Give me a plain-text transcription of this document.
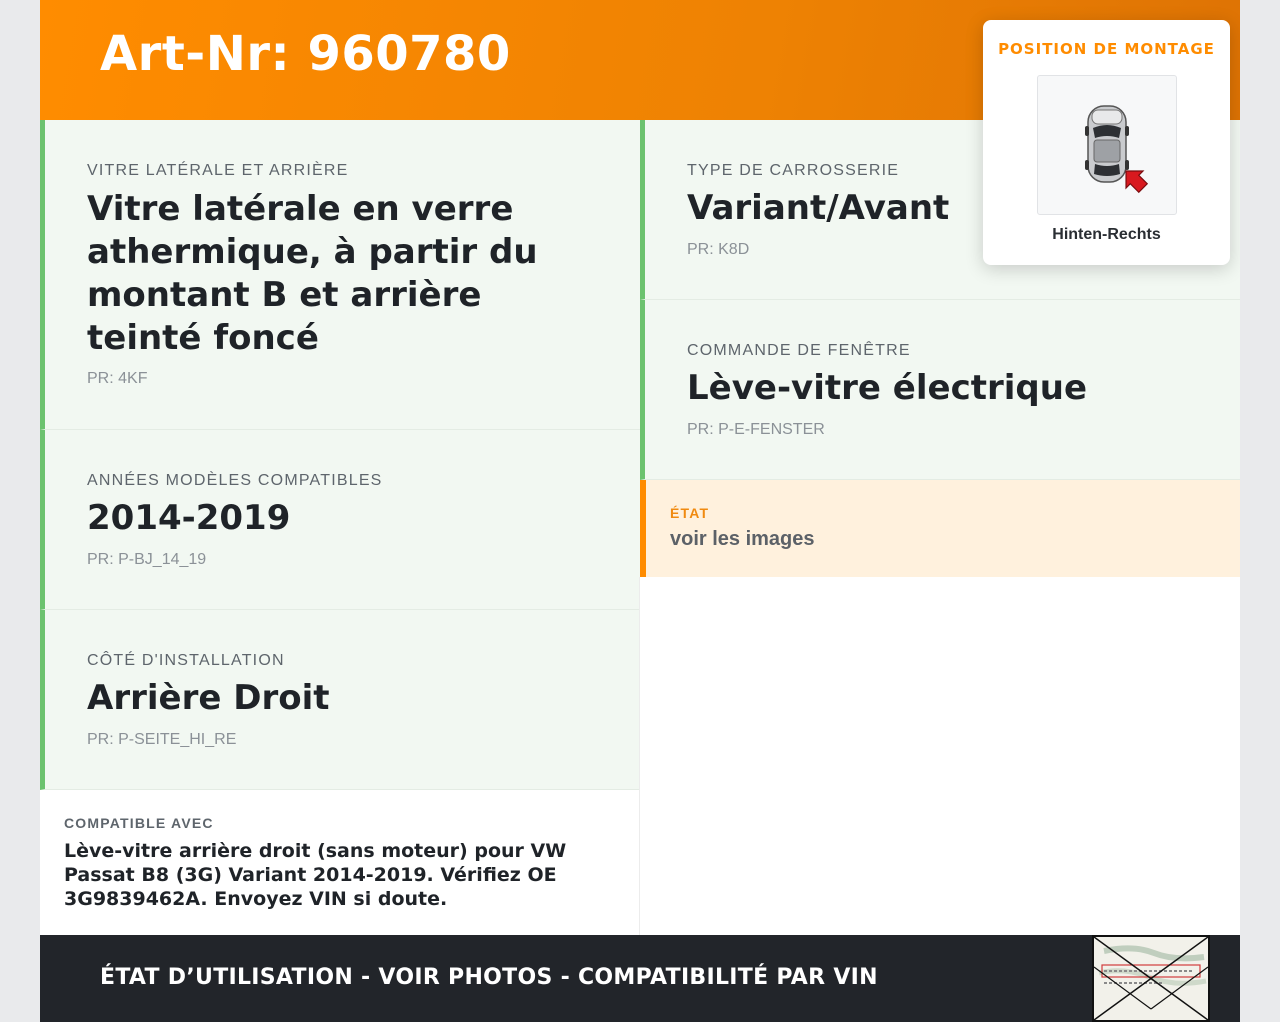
Art-Nr: 960780
VITRE LATÉRALE ET ARRIÈRE
Vitre latérale en verre athermique, à partir du montant B et arrière teinté foncé
PR: 4KF
ANNÉES MODÈLES COMPATIBLES
2014-2019
PR: P-BJ_14_19
CÔTÉ D'INSTALLATION
Arrière Droit
PR: P-SEITE_HI_RE
TYPE DE CARROSSERIE
Variant/Avant
PR: K8D
COMMANDE DE FENÊTRE
Lève-vitre électrique
PR: P-E-FENSTER
ÉTAT
voir les images
COMPATIBLE AVEC
Lève-vitre arrière droit (sans moteur) pour VW Passat B8 (3G) Variant 2014-2019. Vérifiez OE 3G9839462A. Envoyez VIN si doute.
ÉTAT D’UTILISATION - VOIR PHOTOS - COMPATIBILITÉ PAR VIN
POSITION DE MONTAGE
Hinten-Rechts
